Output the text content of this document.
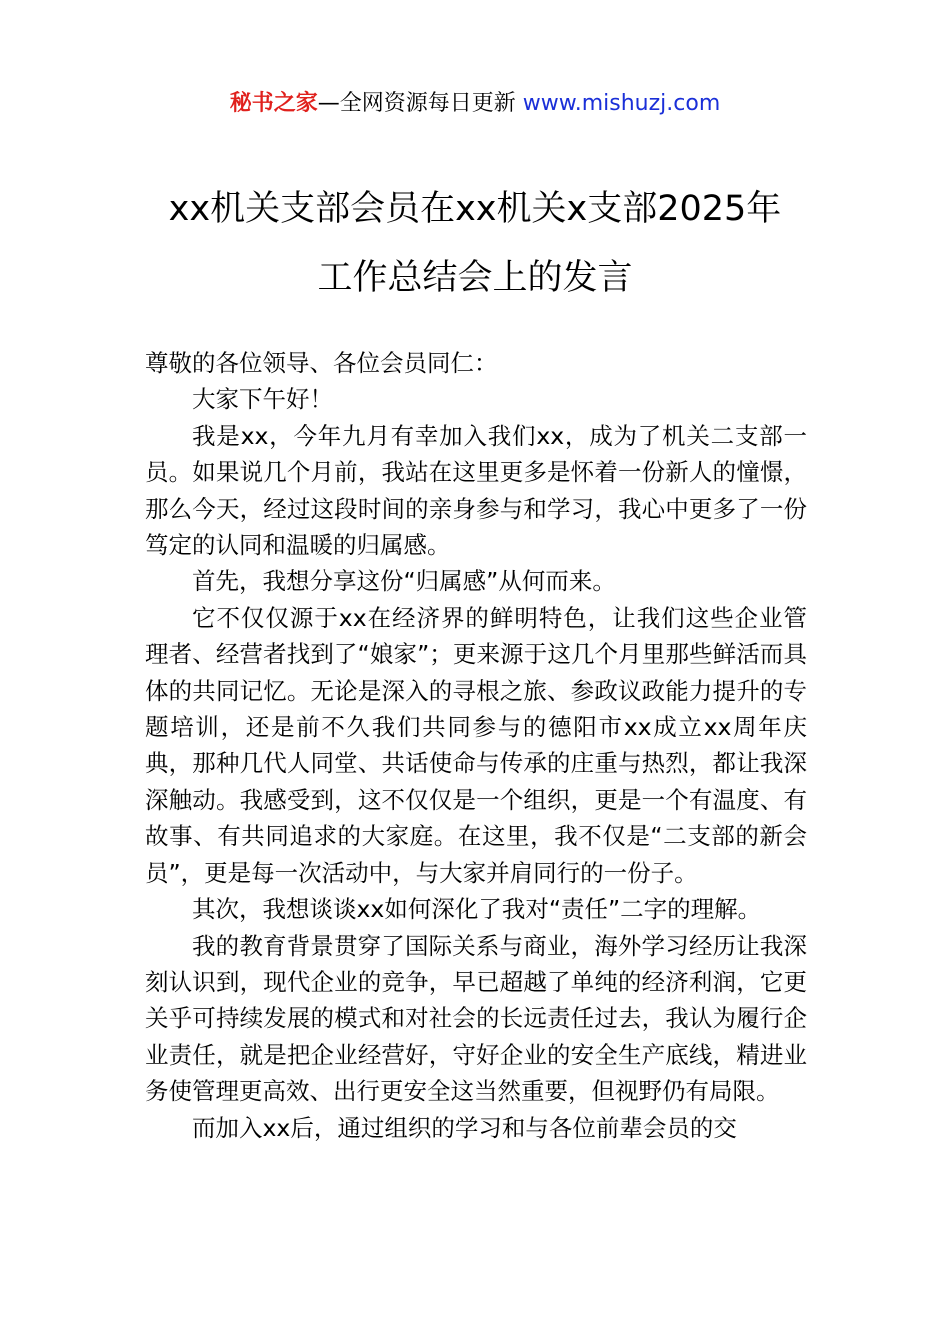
秘书之家—全网资源每日更新 www.mishuzj.com
xx机关支部会员在xx机关x支部2025年
工作总结会上的发言

尊敬的各位领导、各位会员同仁：

大家下午好！

我是xx，今年九月有幸加入我们xx，成为了机关二支部一员。如果说几个月前，我站在这里更多是怀着一份新人的憧憬，那么今天，经过这段时间的亲身参与和学习，我心中更多了一份笃定的认同和温暖的归属感。

首先，我想分享这份“归属感”从何而来。

它不仅仅源于xx在经济界的鲜明特色，让我们这些企业管理者、经营者找到了“娘家”；更来源于这几个月里那些鲜活而具体的共同记忆。无论是深入的寻根之旅、参政议政能力提升的专题培训，还是前不久我们共同参与的德阳市xx成立xx周年庆典，那种几代人同堂、共话使命与传承的庄重与热烈，都让我深深触动。我感受到，这不仅仅是一个组织，更是一个有温度、有故事、有共同追求的大家庭。在这里，我不仅是“二支部的新会员”，更是每一次活动中，与大家并肩同行的一份子。

其次，我想谈谈xx如何深化了我对“责任”二字的理解。

我的教育背景贯穿了国际关系与商业，海外学习经历让我深刻认识到，现代企业的竞争，早已超越了单纯的经济利润，它更关乎可持续发展的模式和对社会的长远责任过去，我认为履行企业责任，就是把企业经营好，守好企业的安全生产底线，精进业务使管理更高效、出行更安全这当然重要，但视野仍有局限。

而加入xx后，通过组织的学习和与各位前辈会员的交
